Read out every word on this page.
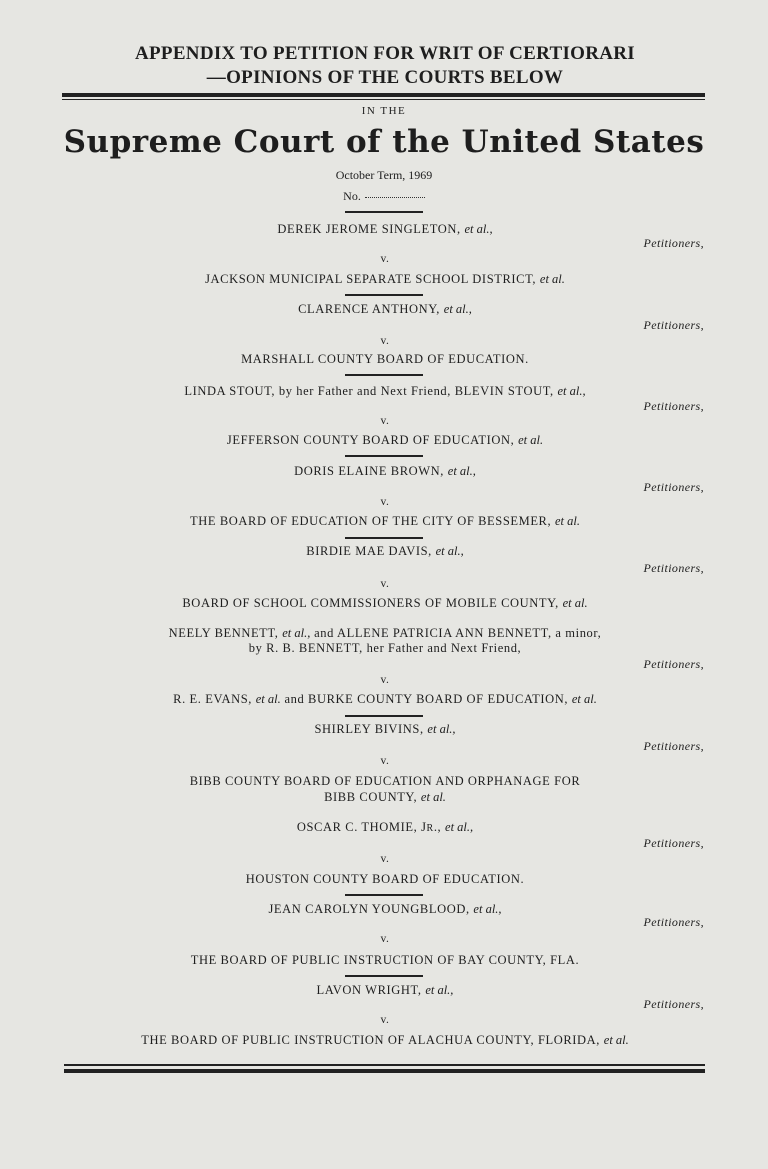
APPENDIX TO PETITION FOR WRIT OF CERTIORARI
—OPINIONS OF THE COURTS BELOW
IN THE
Supreme Court of the United States
October Term, 1969
No.
DEREK JEROME SINGLETON, et al.,
Petitioners,
v.
JACKSON MUNICIPAL SEPARATE SCHOOL DISTRICT, et al.
CLARENCE ANTHONY, et al.,
Petitioners,
v.
MARSHALL COUNTY BOARD OF EDUCATION.
LINDA STOUT, by her Father and Next Friend, BLEVIN STOUT, et al.,
Petitioners,
v.
JEFFERSON COUNTY BOARD OF EDUCATION, et al.
DORIS ELAINE BROWN, et al.,
Petitioners,
v.
THE BOARD OF EDUCATION OF THE CITY OF BESSEMER, et al.
BIRDIE MAE DAVIS, et al.,
Petitioners,
v.
BOARD OF SCHOOL COMMISSIONERS OF MOBILE COUNTY, et al.
NEELY BENNETT, et al., and ALLENE PATRICIA ANN BENNETT, a minor,
by R. B. BENNETT, her Father and Next Friend,
Petitioners,
v.
R. E. EVANS, et al. and BURKE COUNTY BOARD OF EDUCATION, et al.
SHIRLEY BIVINS, et al.,
Petitioners,
v.
BIBB COUNTY BOARD OF EDUCATION AND ORPHANAGE FOR
BIBB COUNTY, et al.
OSCAR C. THOMIE, JR., et al.,
Petitioners,
v.
HOUSTON COUNTY BOARD OF EDUCATION.
JEAN CAROLYN YOUNGBLOOD, et al.,
Petitioners,
v.
THE BOARD OF PUBLIC INSTRUCTION OF BAY COUNTY, FLA.
LAVON WRIGHT, et al.,
Petitioners,
v.
THE BOARD OF PUBLIC INSTRUCTION OF ALACHUA COUNTY, FLORIDA, et al.
